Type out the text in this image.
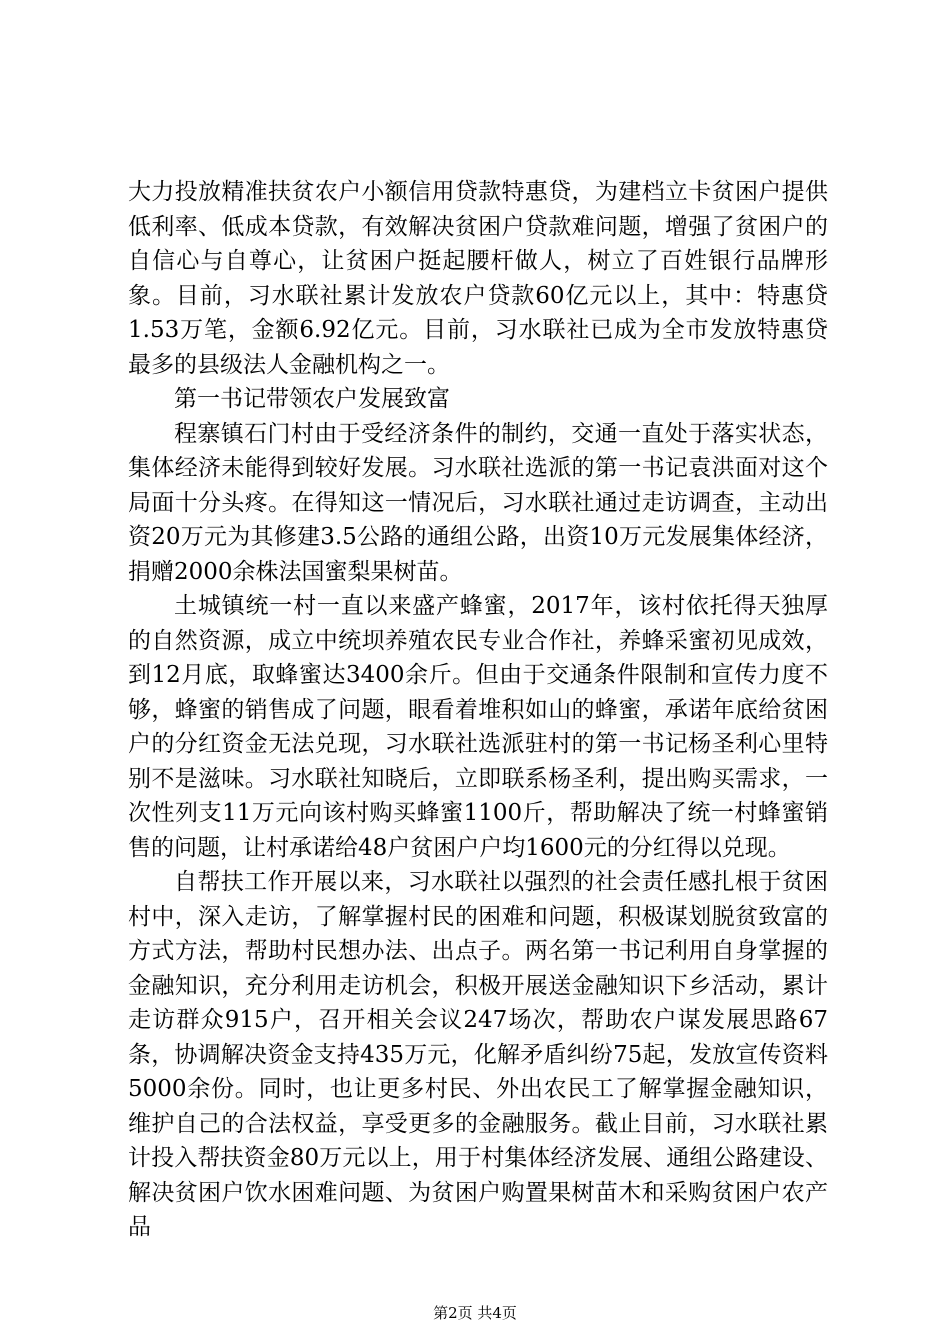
大力投放精准扶贫农户小额信用贷款特惠贷，为建档立卡贫困户提供低利率、低成本贷款，有效解决贫困户贷款难问题，增强了贫困户的自信心与自尊心，让贫困户挺起腰杆做人，树立了百姓银行品牌形象。目前，习水联社累计发放农户贷款60亿元以上，其中：特惠贷1.53万笔，金额6.92亿元。目前，习水联社已成为全市发放特惠贷最多的县级法人金融机构之一。

第一书记带领农户发展致富

程寨镇石门村由于受经济条件的制约，交通一直处于落实状态，集体经济未能得到较好发展。习水联社选派的第一书记袁洪面对这个局面十分头疼。在得知这一情况后，习水联社通过走访调查，主动出资20万元为其修建3.5公路的通组公路，出资10万元发展集体经济，捐赠2000余株法国蜜梨果树苗。

土城镇统一村一直以来盛产蜂蜜，2017年，该村依托得天独厚的自然资源，成立中统坝养殖农民专业合作社，养蜂采蜜初见成效，到12月底，取蜂蜜达3400余斤。但由于交通条件限制和宣传力度不够，蜂蜜的销售成了问题，眼看着堆积如山的蜂蜜，承诺年底给贫困户的分红资金无法兑现，习水联社选派驻村的第一书记杨圣利心里特别不是滋味。习水联社知晓后，立即联系杨圣利，提出购买需求，一次性列支11万元向该村购买蜂蜜1100斤，帮助解决了统一村蜂蜜销售的问题，让村承诺给48户贫困户户均1600元的分红得以兑现。

自帮扶工作开展以来，习水联社以强烈的社会责任感扎根于贫困村中，深入走访，了解掌握村民的困难和问题，积极谋划脱贫致富的方式方法，帮助村民想办法、出点子。两名第一书记利用自身掌握的金融知识，充分利用走访机会，积极开展送金融知识下乡活动，累计走访群众915户，召开相关会议247场次，帮助农户谋发展思路67条，协调解决资金支持435万元，化解矛盾纠纷75起，发放宣传资料5000余份。同时，也让更多村民、外出农民工了解掌握金融知识，维护自己的合法权益，享受更多的金融服务。截止目前，习水联社累计投入帮扶资金80万元以上，用于村集体经济发展、通组公路建设、解决贫困户饮水困难问题、为贫困户购置果树苗木和采购贫困户农产品

第2页 共4页
